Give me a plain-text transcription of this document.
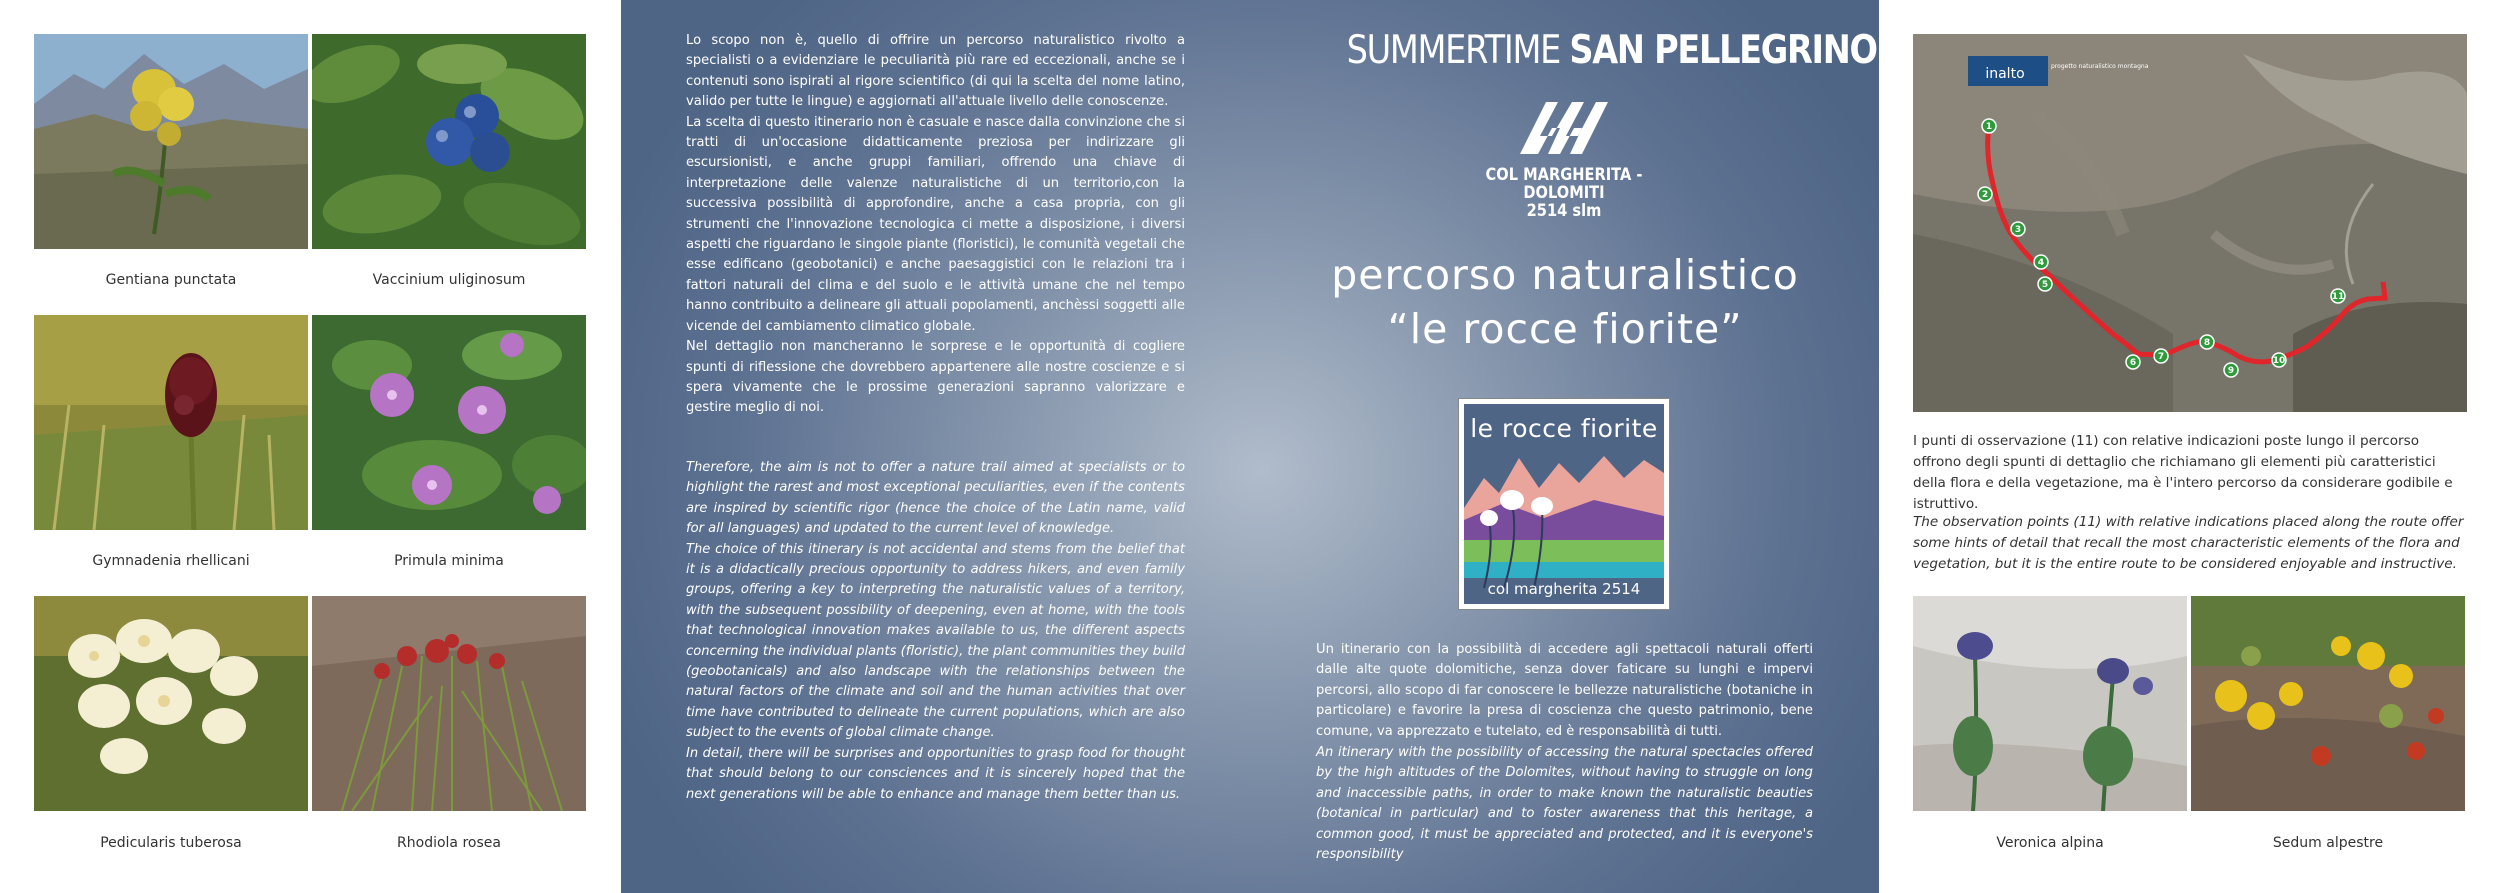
Gentiana punctata	Vaccinium uliginosum
Gymnadenia rhellicani	Primula minima
Pedicularis tuberosa	Rhodiola rosea

Lo scopo non è, quello di offrire un percorso naturalistico rivolto a specialisti o a evidenziare le peculiarità più rare ed eccezionali, anche se i contenuti sono ispirati al rigore scientifico (di qui la scelta del nome latino, valido per tutte le lingue) e aggiornati all'attuale livello delle conoscenze.

La scelta di questo itinerario non è casuale e nasce dalla convinzione che si tratti di un'occasione didatticamente preziosa per indirizzare gli escursionisti, e anche gruppi familiari, offrendo una chiave di interpretazione delle valenze naturalistiche di un territorio,con la successiva possibilità di approfondire, anche a casa propria, con gli strumenti che l'innovazione tecnologica ci mette a disposizione, i diversi aspetti che riguardano le singole piante (floristici), le comunità vegetali che esse edificano (geobotanici) e anche paesaggistici con le relazioni tra i fattori naturali del clima e del suolo e le attività umane che nel tempo hanno contribuito a delineare gli attuali popolamenti, anchèssi soggetti alle vicende del cambiamento climatico globale.

Nel dettaglio non mancheranno le sorprese e le opportunità di cogliere spunti di riflessione che dovrebbero appartenere alle nostre coscienze e si spera vivamente che le prossime generazioni sapranno valorizzare e gestire meglio di noi.

Therefore, the aim is not to offer a nature trail aimed at specialists or to highlight the rarest and most exceptional peculiarities, even if the contents are inspired by scientific rigor (hence the choice of the Latin name, valid for all languages) and updated to the current level of knowledge.

The choice of this itinerary is not accidental and stems from the belief that it is a didactically precious opportunity to address hikers, and even family groups, offering a key to interpreting the naturalistic values of a territory, with the subsequent possibility of deepening, even at home, with the tools that technological innovation makes available to us, the different aspects concerning the individual plants (floristic), the plant communities they build (geobotanicals) and also landscape with the relationships between the natural factors of the climate and soil and the human activities that over time have contributed to delineate the current populations, which are also subject to the events of global climate change.

In detail, there will be surprises and opportunities to grasp food for thought that should belong to our consciences and it is sincerely hoped that the next generations will be able to enhance and manage them better than us.

SUMMERTIME SAN PELLEGRINO
COL MARGHERITA - DOLOMITI
2514 slm
percorso naturalistico
“le rocce fiorite”
le rocce fiorite
col margherita 2514
Un itinerario con la possibilità di accedere agli spettacoli naturali offerti dalle alte quote dolomitiche, senza dover faticare su lunghi e impervi percorsi, allo scopo di far conoscere le bellezze naturalistiche (botaniche in particolare) e favorire la presa di coscienza che questo patrimonio, bene comune, va apprezzato e tutelato, ed è responsabilità di tutti.
An itinerary with the possibility of accessing the natural spectacles offered by the high altitudes of the Dolomites, without having to struggle on long and inaccessible paths, in order to make known the naturalistic beauties (botanical in particular) and to foster awareness that this heritage, a common good, it must be appreciated and protected, and it is everyone's responsibility
inalto	progetto naturalistico montagna
1
2
3
4
5
6
7
8
9
10
11
I punti di osservazione (11) con relative indicazioni poste lungo il percorso offrono degli spunti di dettaglio che richiamano gli elementi più caratteristici della flora e della vegetazione, ma è l'intero percorso da considerare godibile e istruttivo.
The observation points (11) with relative indications placed along the route offer some hints of detail that recall the most characteristic elements of the flora and vegetation, but it is the entire route to be considered enjoyable and instructive.
Veronica alpina	Sedum alpestre
